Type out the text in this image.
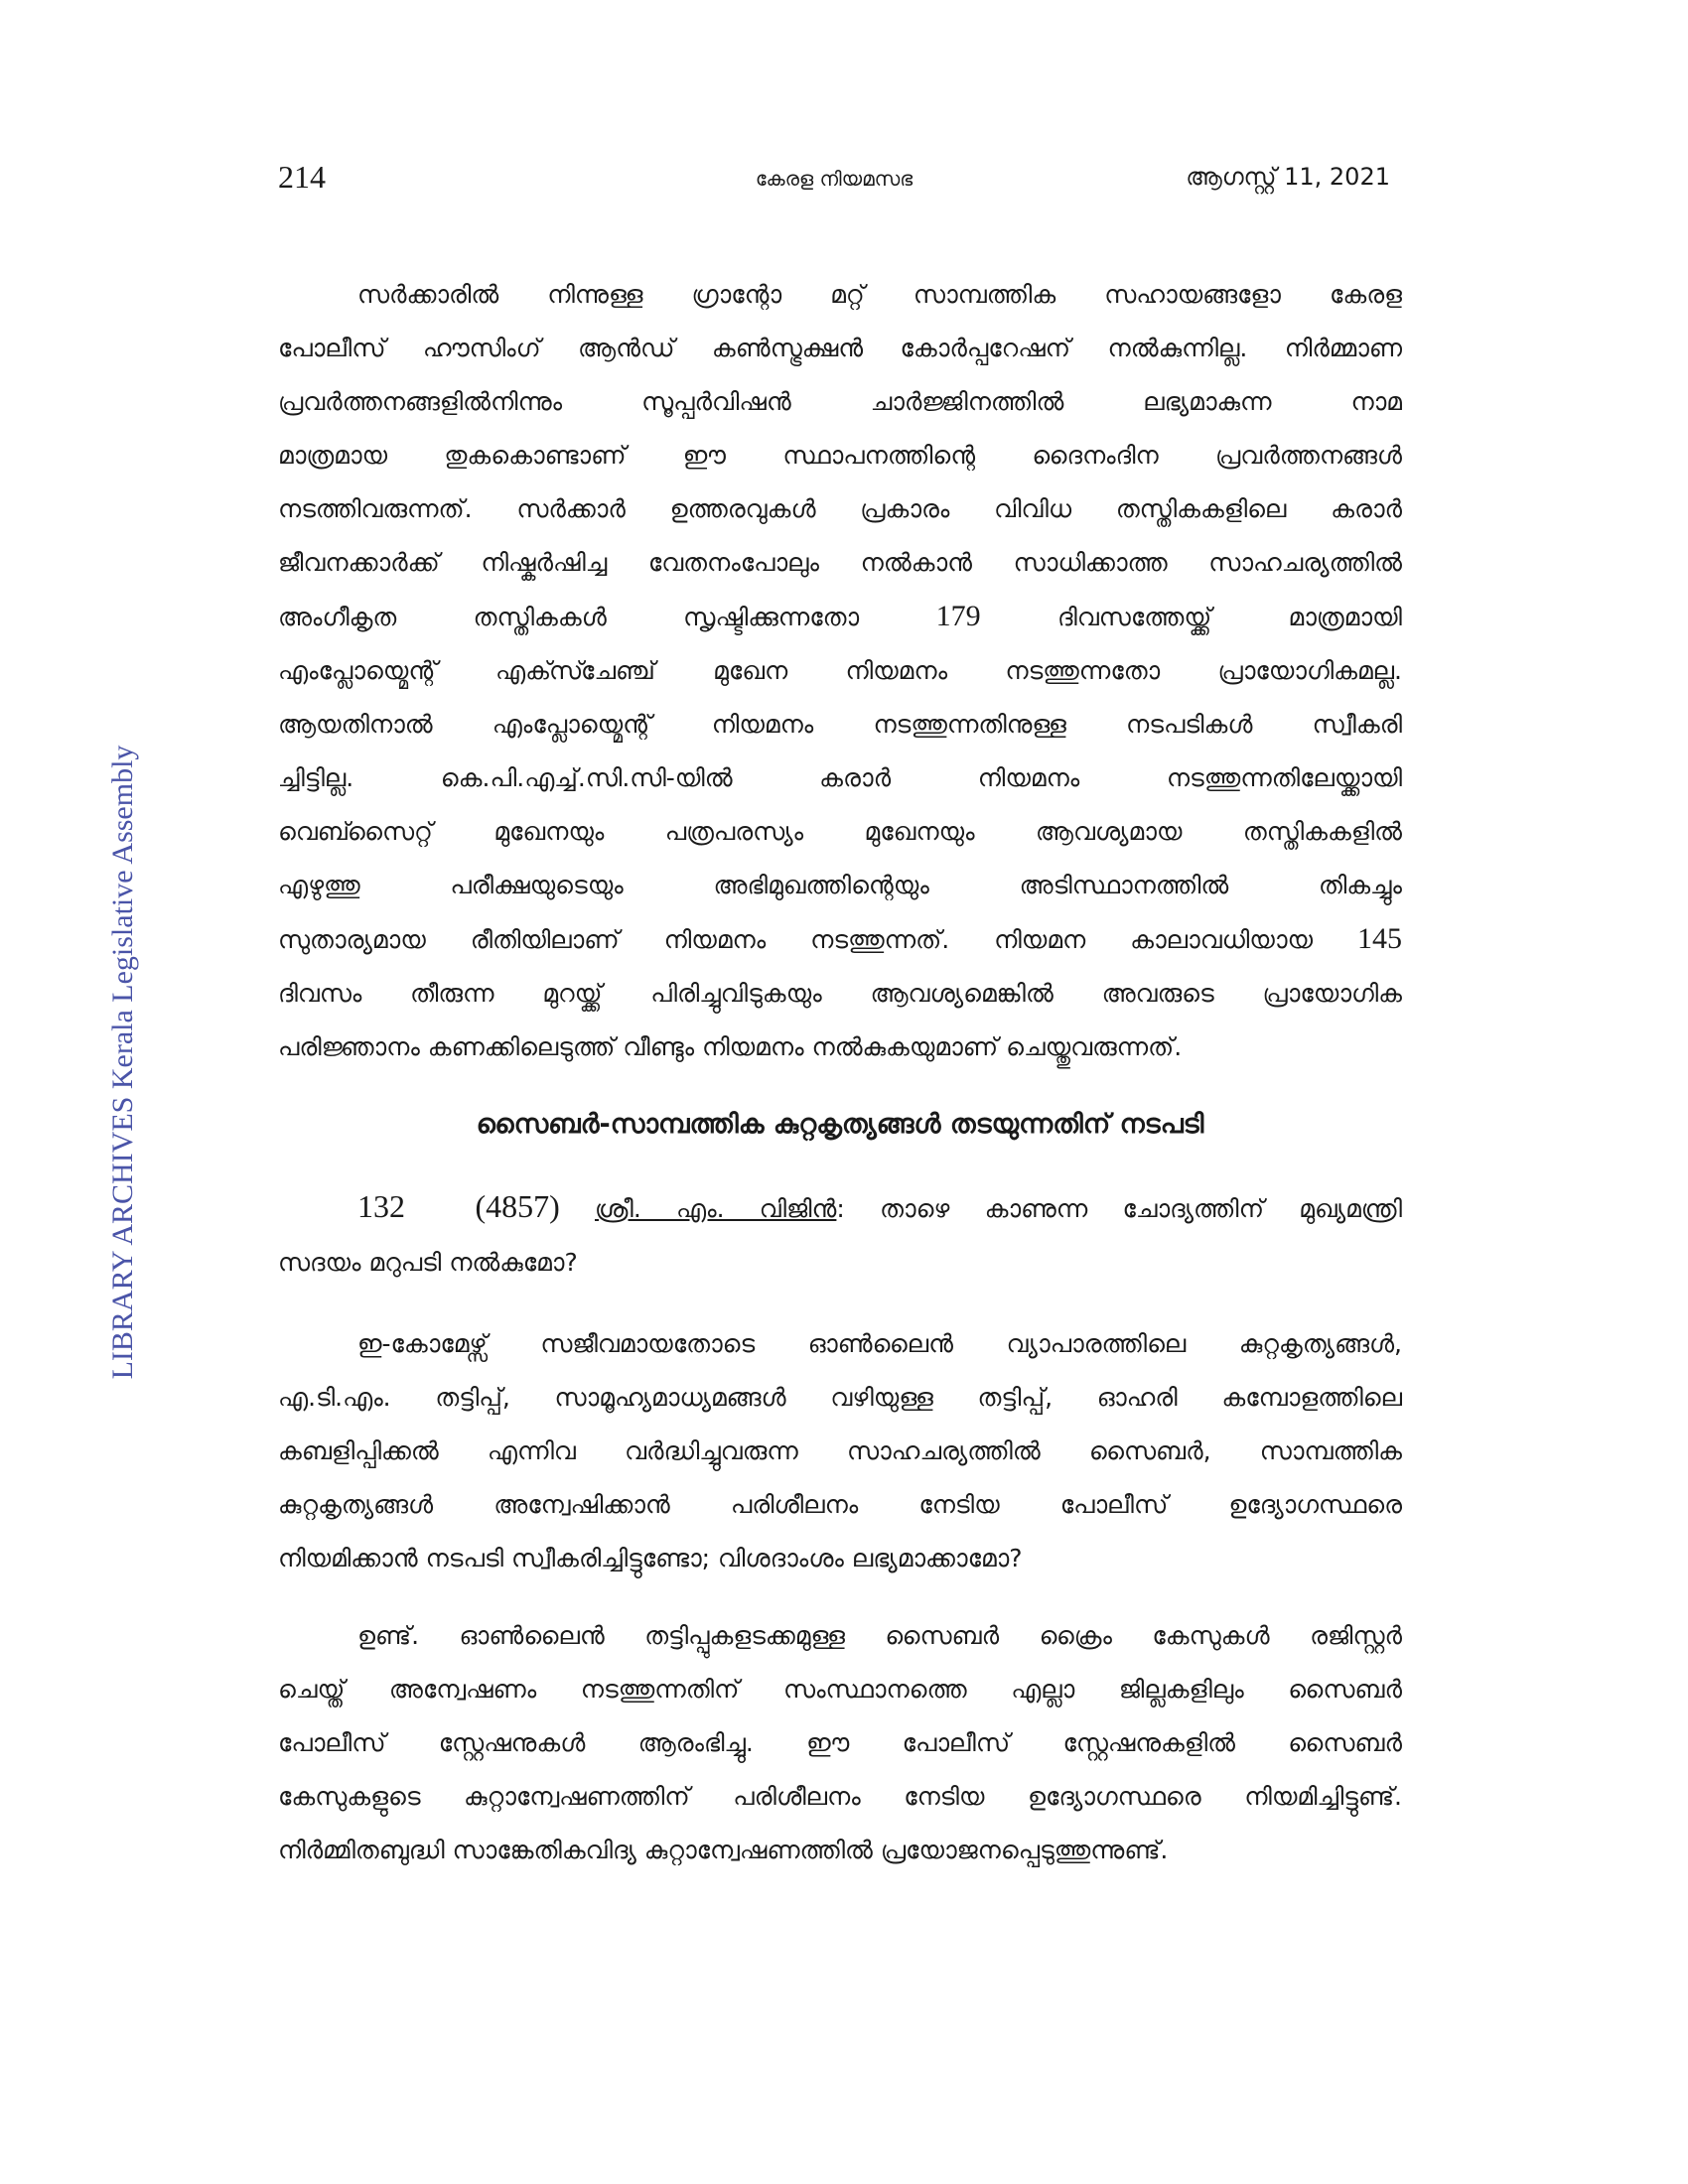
214	കേരള നിയമസഭ	ആഗസ്റ്റ് 11, 2021
LIBRARY ARCHIVES Kerala Legislative Assembly

സർക്കാരിൽ നിന്നുള്ള ഗ്രാന്റോ മറ്റ് സാമ്പത്തിക സഹായങ്ങളോ കേരള
പോലീസ് ഹൗസിംഗ് ആൻഡ് കൺസ്ട്രക്ഷൻ കോർപ്പറേഷന് നൽകുന്നില്ല. നിർമ്മാണ
പ്രവർത്തനങ്ങളിൽനിന്നും സൂപ്പർവിഷൻ ചാർജ്ജിനത്തിൽ ലഭ്യമാകുന്ന നാമ
മാത്രമായ തുകകൊണ്ടാണ് ഈ സ്ഥാപനത്തിന്റെ ദൈനംദിന പ്രവർത്തനങ്ങൾ
നടത്തിവരുന്നത്. സർക്കാർ ഉത്തരവുകൾ പ്രകാരം വിവിധ തസ്തികകളിലെ കരാർ
ജീവനക്കാർക്ക് നിഷ്കർഷിച്ച വേതനംപോലും നൽകാൻ സാധിക്കാത്ത സാഹചര്യത്തിൽ
അംഗീകൃത തസ്തികകൾ സൃഷ്ടിക്കുന്നതോ	179	ദിവസത്തേയ്ക്ക് മാത്രമായി
എംപ്ലോയ്മെന്റ് എക്സ്ചേഞ്ച് മുഖേന നിയമനം നടത്തുന്നതോ പ്രായോഗികമല്ല.
ആയതിനാൽ എംപ്ലോയ്മെന്റ് നിയമനം നടത്തുന്നതിനുള്ള നടപടികൾ സ്വീകരി
ച്ചിട്ടില്ല. കെ.പി.എച്ച്.സി.സി-യിൽ കരാർ നിയമനം നടത്തുന്നതിലേയ്ക്കായി
വെബ്സൈറ്റ് മുഖേനയും പത്രപരസ്യം മുഖേനയും ആവശ്യമായ തസ്തികകളിൽ
എഴുത്തു പരീക്ഷയുടെയും അഭിമുഖത്തിന്റെയും അടിസ്ഥാനത്തിൽ തികച്ചും
സുതാര്യമായ രീതിയിലാണ് നിയമനം നടത്തുന്നത്. നിയമന കാലാവധിയായ 145
ദിവസം തീരുന്ന മുറയ്ക്ക് പിരിച്ചുവിടുകയും ആവശ്യമെങ്കിൽ അവരുടെ പ്രായോഗിക
പരിജ്ഞാനം കണക്കിലെടുത്ത് വീണ്ടും നിയമനം നൽകുകയുമാണ് ചെയ്തുവരുന്നത്.

സൈബർ-സാമ്പത്തിക കുറ്റകൃത്യങ്ങൾ തടയുന്നതിന് നടപടി

132 (4857) ശ്രീ. എം. വിജിൻ: താഴെ കാണുന്ന ചോദ്യത്തിന് മുഖ്യമന്ത്രി
സദയം മറുപടി നൽകുമോ?

ഇ-കോമേഴ്സ് സജീവമായതോടെ ഓൺലൈൻ വ്യാപാരത്തിലെ കുറ്റകൃത്യങ്ങൾ,
എ.ടി.എം. തട്ടിപ്പ്, സാമൂഹ്യമാധ്യമങ്ങൾ വഴിയുള്ള തട്ടിപ്പ്, ഓഹരി കമ്പോളത്തിലെ
കബളിപ്പിക്കൽ എന്നിവ വർദ്ധിച്ചുവരുന്ന സാഹചര്യത്തിൽ സൈബർ, സാമ്പത്തിക
കുറ്റകൃത്യങ്ങൾ അന്വേഷിക്കാൻ പരിശീലനം നേടിയ പോലീസ് ഉദ്യോഗസ്ഥരെ
നിയമിക്കാൻ നടപടി സ്വീകരിച്ചിട്ടുണ്ടോ; വിശദാംശം ലഭ്യമാക്കാമോ?

ഉണ്ട്. ഓൺലൈൻ തട്ടിപ്പുകളടക്കമുള്ള സൈബർ ക്രൈം കേസുകൾ രജിസ്റ്റർ
ചെയ്ത് അന്വേഷണം നടത്തുന്നതിന് സംസ്ഥാനത്തെ എല്ലാ ജില്ലകളിലും സൈബർ
പോലീസ് സ്റ്റേഷനുകൾ ആരംഭിച്ചു. ഈ പോലീസ് സ്റ്റേഷനുകളിൽ സൈബർ
കേസുകളുടെ കുറ്റാന്വേഷണത്തിന് പരിശീലനം നേടിയ ഉദ്യോഗസ്ഥരെ നിയമിച്ചിട്ടുണ്ട്.
നിർമ്മിതബുദ്ധി സാങ്കേതികവിദ്യ കുറ്റാന്വേഷണത്തിൽ പ്രയോജനപ്പെടുത്തുന്നുണ്ട്.
